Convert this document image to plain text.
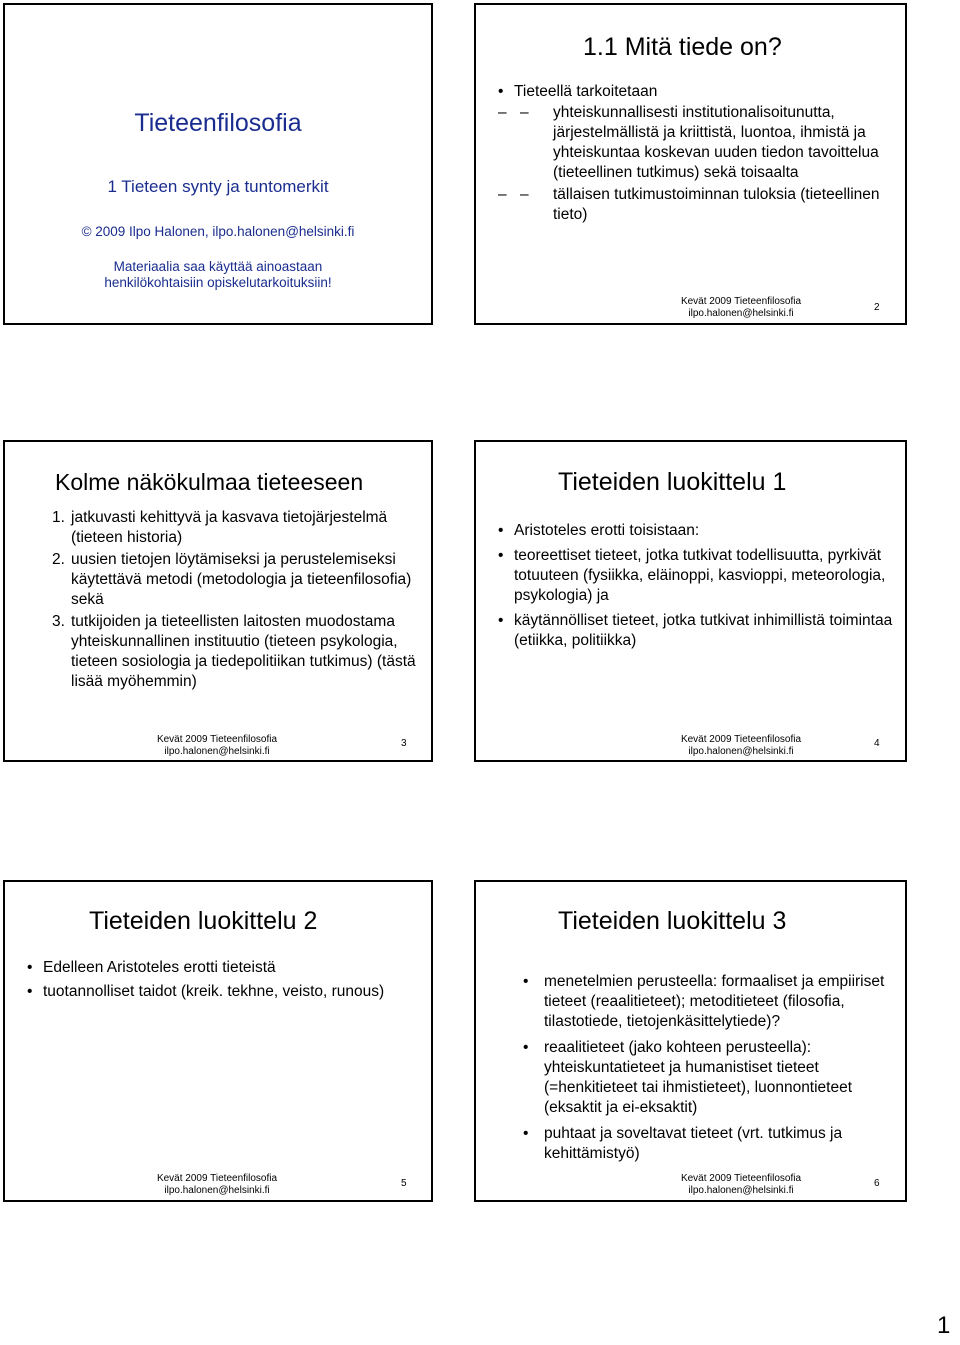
Tieteenfilosofia
1 Tieteen synty ja tuntomerkit
© 2009 Ilpo Halonen, ilpo.halonen@helsinki.fi
Materiaalia saa käyttää ainoastaan
henkilökohtaisiin opiskelutarkoituksiin!
1.1 Mitä tiede on?
• Tieteellä tarkoitetaan
– – yhteiskunnallisesti institutionalisoitunutta, järjestelmällistä ja kriittistä, luontoa, ihmistä ja yhteiskuntaa koskevan uuden tiedon tavoittelua (tieteellinen tutkimus) sekä toisaalta
– – tällaisen tutkimustoiminnan tuloksia (tieteellinen tieto)
Kevät 2009 Tieteenfilosofia
ilpo.halonen@helsinki.fi
2
Kolme näkökulmaa tieteeseen
1. jatkuvasti kehittyvä ja kasvava tietojärjestelmä (tieteen historia)
2. uusien tietojen löytämiseksi ja perustelemiseksi käytettävä metodi (metodologia ja tieteenfilosofia) sekä
3. tutkijoiden ja tieteellisten laitosten muodostama yhteiskunnallinen instituutio (tieteen psykologia, tieteen sosiologia ja tiedepolitiikan tutkimus) (tästä lisää myöhemmin)
Kevät 2009 Tieteenfilosofia
ilpo.halonen@helsinki.fi
3
Tieteiden luokittelu 1
• Aristoteles erotti toisistaan:
• teoreettiset tieteet, jotka tutkivat todellisuutta, pyrkivät totuuteen (fysiikka, eläinoppi, kasvioppi, meteorologia, psykologia) ja
• käytännölliset tieteet, jotka tutkivat inhimillistä toimintaa (etiikka, politiikka)
Kevät 2009 Tieteenfilosofia
ilpo.halonen@helsinki.fi
4
Tieteiden luokittelu 2
• Edelleen Aristoteles erotti tieteistä
• tuotannolliset taidot (kreik. tekhne, veisto, runous)
Kevät 2009 Tieteenfilosofia
ilpo.halonen@helsinki.fi
5
Tieteiden luokittelu 3
• menetelmien perusteella: formaaliset ja empiiriset tieteet (reaalitieteet); metoditieteet (filosofia, tilastotiede, tietojenkäsittelytiede)?
• reaalitieteet (jako kohteen perusteella): yhteiskuntatieteet ja humanistiset tieteet (=henkitieteet tai ihmistieteet), luonnontieteet (eksaktit ja ei-eksaktit)
• puhtaat ja soveltavat tieteet (vrt. tutkimus ja kehittämistyö)
Kevät 2009 Tieteenfilosofia
ilpo.halonen@helsinki.fi
6
1
